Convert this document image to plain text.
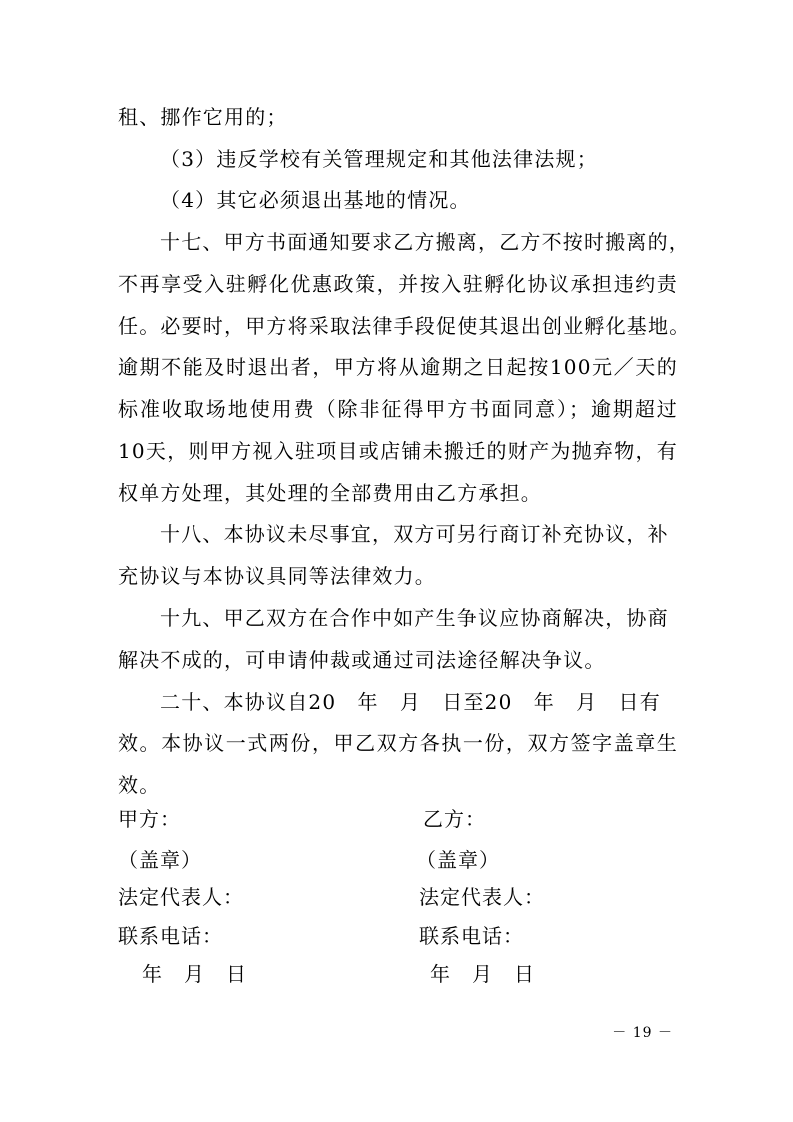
租、挪作它用的；
（3）违反学校有关管理规定和其他法律法规；
（4）其它必须退出基地的情况。
十七、甲方书面通知要求乙方搬离，乙方不按时搬离的，
不再享受入驻孵化优惠政策，并按入驻孵化协议承担违约责
任。必要时，甲方将采取法律手段促使其退出创业孵化基地。
逾期不能及时退出者，甲方将从逾期之日起按100元／天的
标准收取场地使用费（除非征得甲方书面同意）；逾期超过
10天，则甲方视入驻项目或店铺未搬迁的财产为抛弃物，有
权单方处理，其处理的全部费用由乙方承担。
十八、本协议未尽事宜，双方可另行商订补充协议，补
充协议与本协议具同等法律效力。
十九、甲乙双方在合作中如产生争议应协商解决，协商
解决不成的，可申请仲裁或通过司法途径解决争议。
二十、本协议自20　年　月　日至20　年　月　日有
效。本协议一式两份，甲乙双方各执一份，双方签字盖章生
效。
甲方：
（盖章）
法定代表人：
联系电话：
年　月　日
乙方：
（盖章）
法定代表人：
联系电话：
年　月　日
－ 19 －
